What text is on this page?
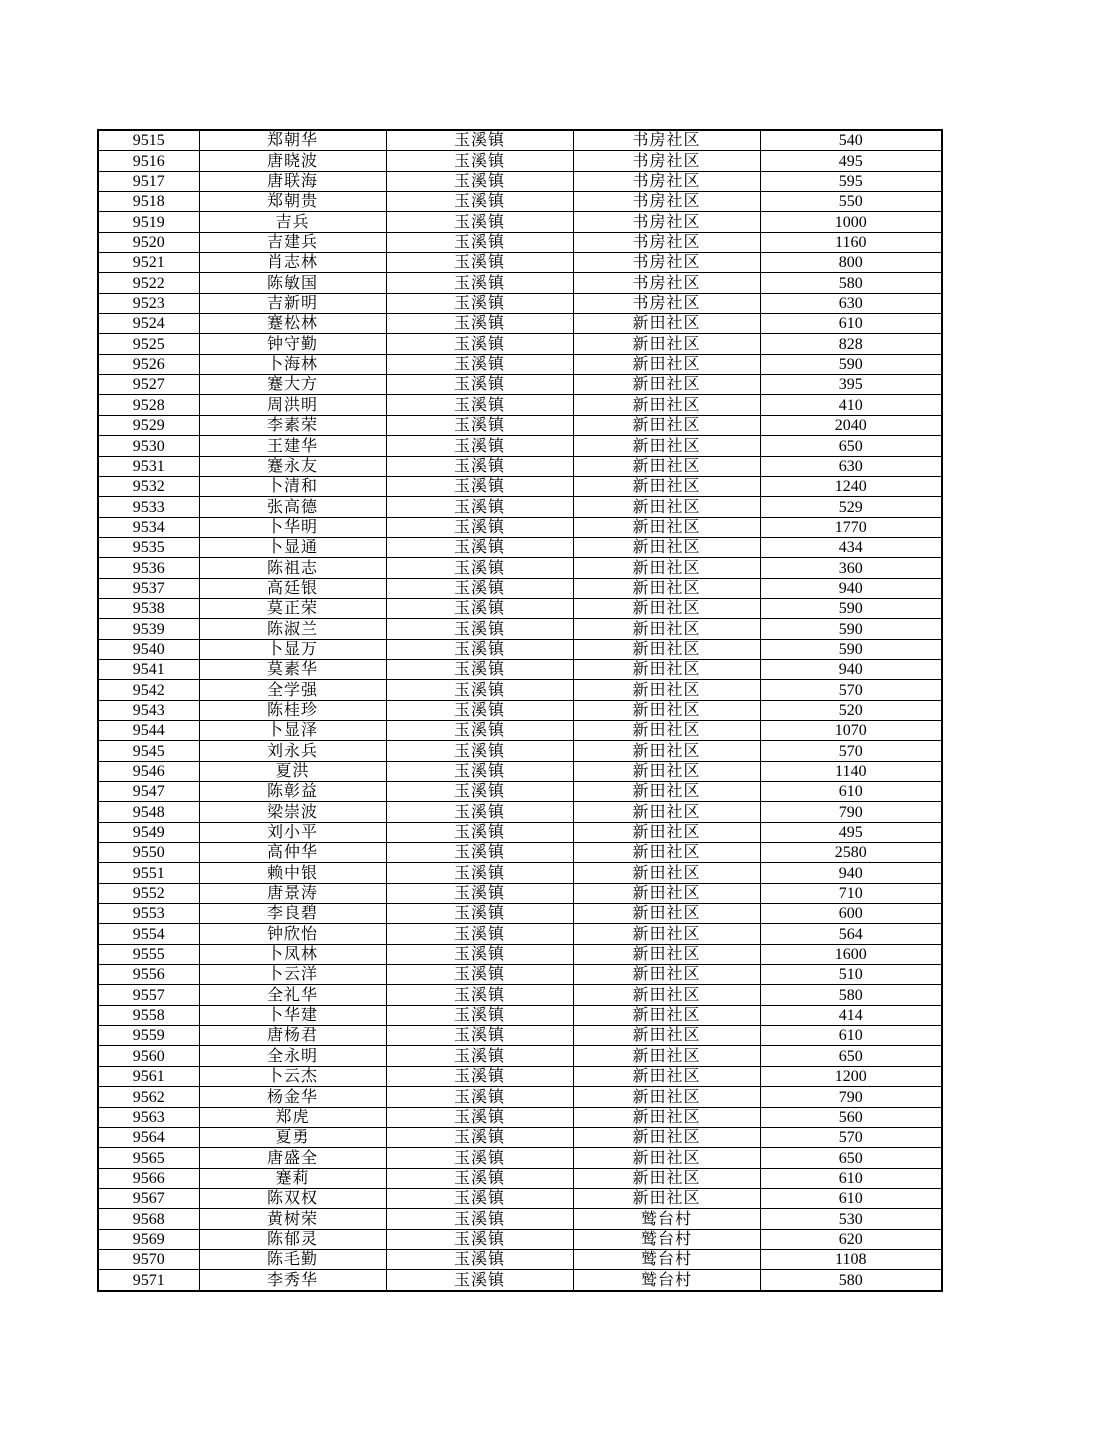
9515	郑朝华	玉溪镇	书房社区	540
9516	唐晓波	玉溪镇	书房社区	495
9517	唐联海	玉溪镇	书房社区	595
9518	郑朝贵	玉溪镇	书房社区	550
9519	吉兵	玉溪镇	书房社区	1000
9520	吉建兵	玉溪镇	书房社区	1160
9521	肖志林	玉溪镇	书房社区	800
9522	陈敏国	玉溪镇	书房社区	580
9523	吉新明	玉溪镇	书房社区	630
9524	蹇松林	玉溪镇	新田社区	610
9525	钟守勤	玉溪镇	新田社区	828
9526	卜海林	玉溪镇	新田社区	590
9527	蹇大方	玉溪镇	新田社区	395
9528	周洪明	玉溪镇	新田社区	410
9529	李素荣	玉溪镇	新田社区	2040
9530	王建华	玉溪镇	新田社区	650
9531	蹇永友	玉溪镇	新田社区	630
9532	卜清和	玉溪镇	新田社区	1240
9533	张高德	玉溪镇	新田社区	529
9534	卜华明	玉溪镇	新田社区	1770
9535	卜显通	玉溪镇	新田社区	434
9536	陈祖志	玉溪镇	新田社区	360
9537	高廷银	玉溪镇	新田社区	940
9538	莫正荣	玉溪镇	新田社区	590
9539	陈淑兰	玉溪镇	新田社区	590
9540	卜显万	玉溪镇	新田社区	590
9541	莫素华	玉溪镇	新田社区	940
9542	全学强	玉溪镇	新田社区	570
9543	陈桂珍	玉溪镇	新田社区	520
9544	卜显泽	玉溪镇	新田社区	1070
9545	刘永兵	玉溪镇	新田社区	570
9546	夏洪	玉溪镇	新田社区	1140
9547	陈彰益	玉溪镇	新田社区	610
9548	梁崇波	玉溪镇	新田社区	790
9549	刘小平	玉溪镇	新田社区	495
9550	高仲华	玉溪镇	新田社区	2580
9551	赖中银	玉溪镇	新田社区	940
9552	唐景涛	玉溪镇	新田社区	710
9553	李良碧	玉溪镇	新田社区	600
9554	钟欣怡	玉溪镇	新田社区	564
9555	卜凤林	玉溪镇	新田社区	1600
9556	卜云洋	玉溪镇	新田社区	510
9557	全礼华	玉溪镇	新田社区	580
9558	卜华建	玉溪镇	新田社区	414
9559	唐杨君	玉溪镇	新田社区	610
9560	全永明	玉溪镇	新田社区	650
9561	卜云杰	玉溪镇	新田社区	1200
9562	杨金华	玉溪镇	新田社区	790
9563	郑虎	玉溪镇	新田社区	560
9564	夏勇	玉溪镇	新田社区	570
9565	唐盛全	玉溪镇	新田社区	650
9566	蹇莉	玉溪镇	新田社区	610
9567	陈双权	玉溪镇	新田社区	610
9568	黄树荣	玉溪镇	鹫台村	530
9569	陈郁灵	玉溪镇	鹫台村	620
9570	陈毛勤	玉溪镇	鹫台村	1108
9571	李秀华	玉溪镇	鹫台村	580
